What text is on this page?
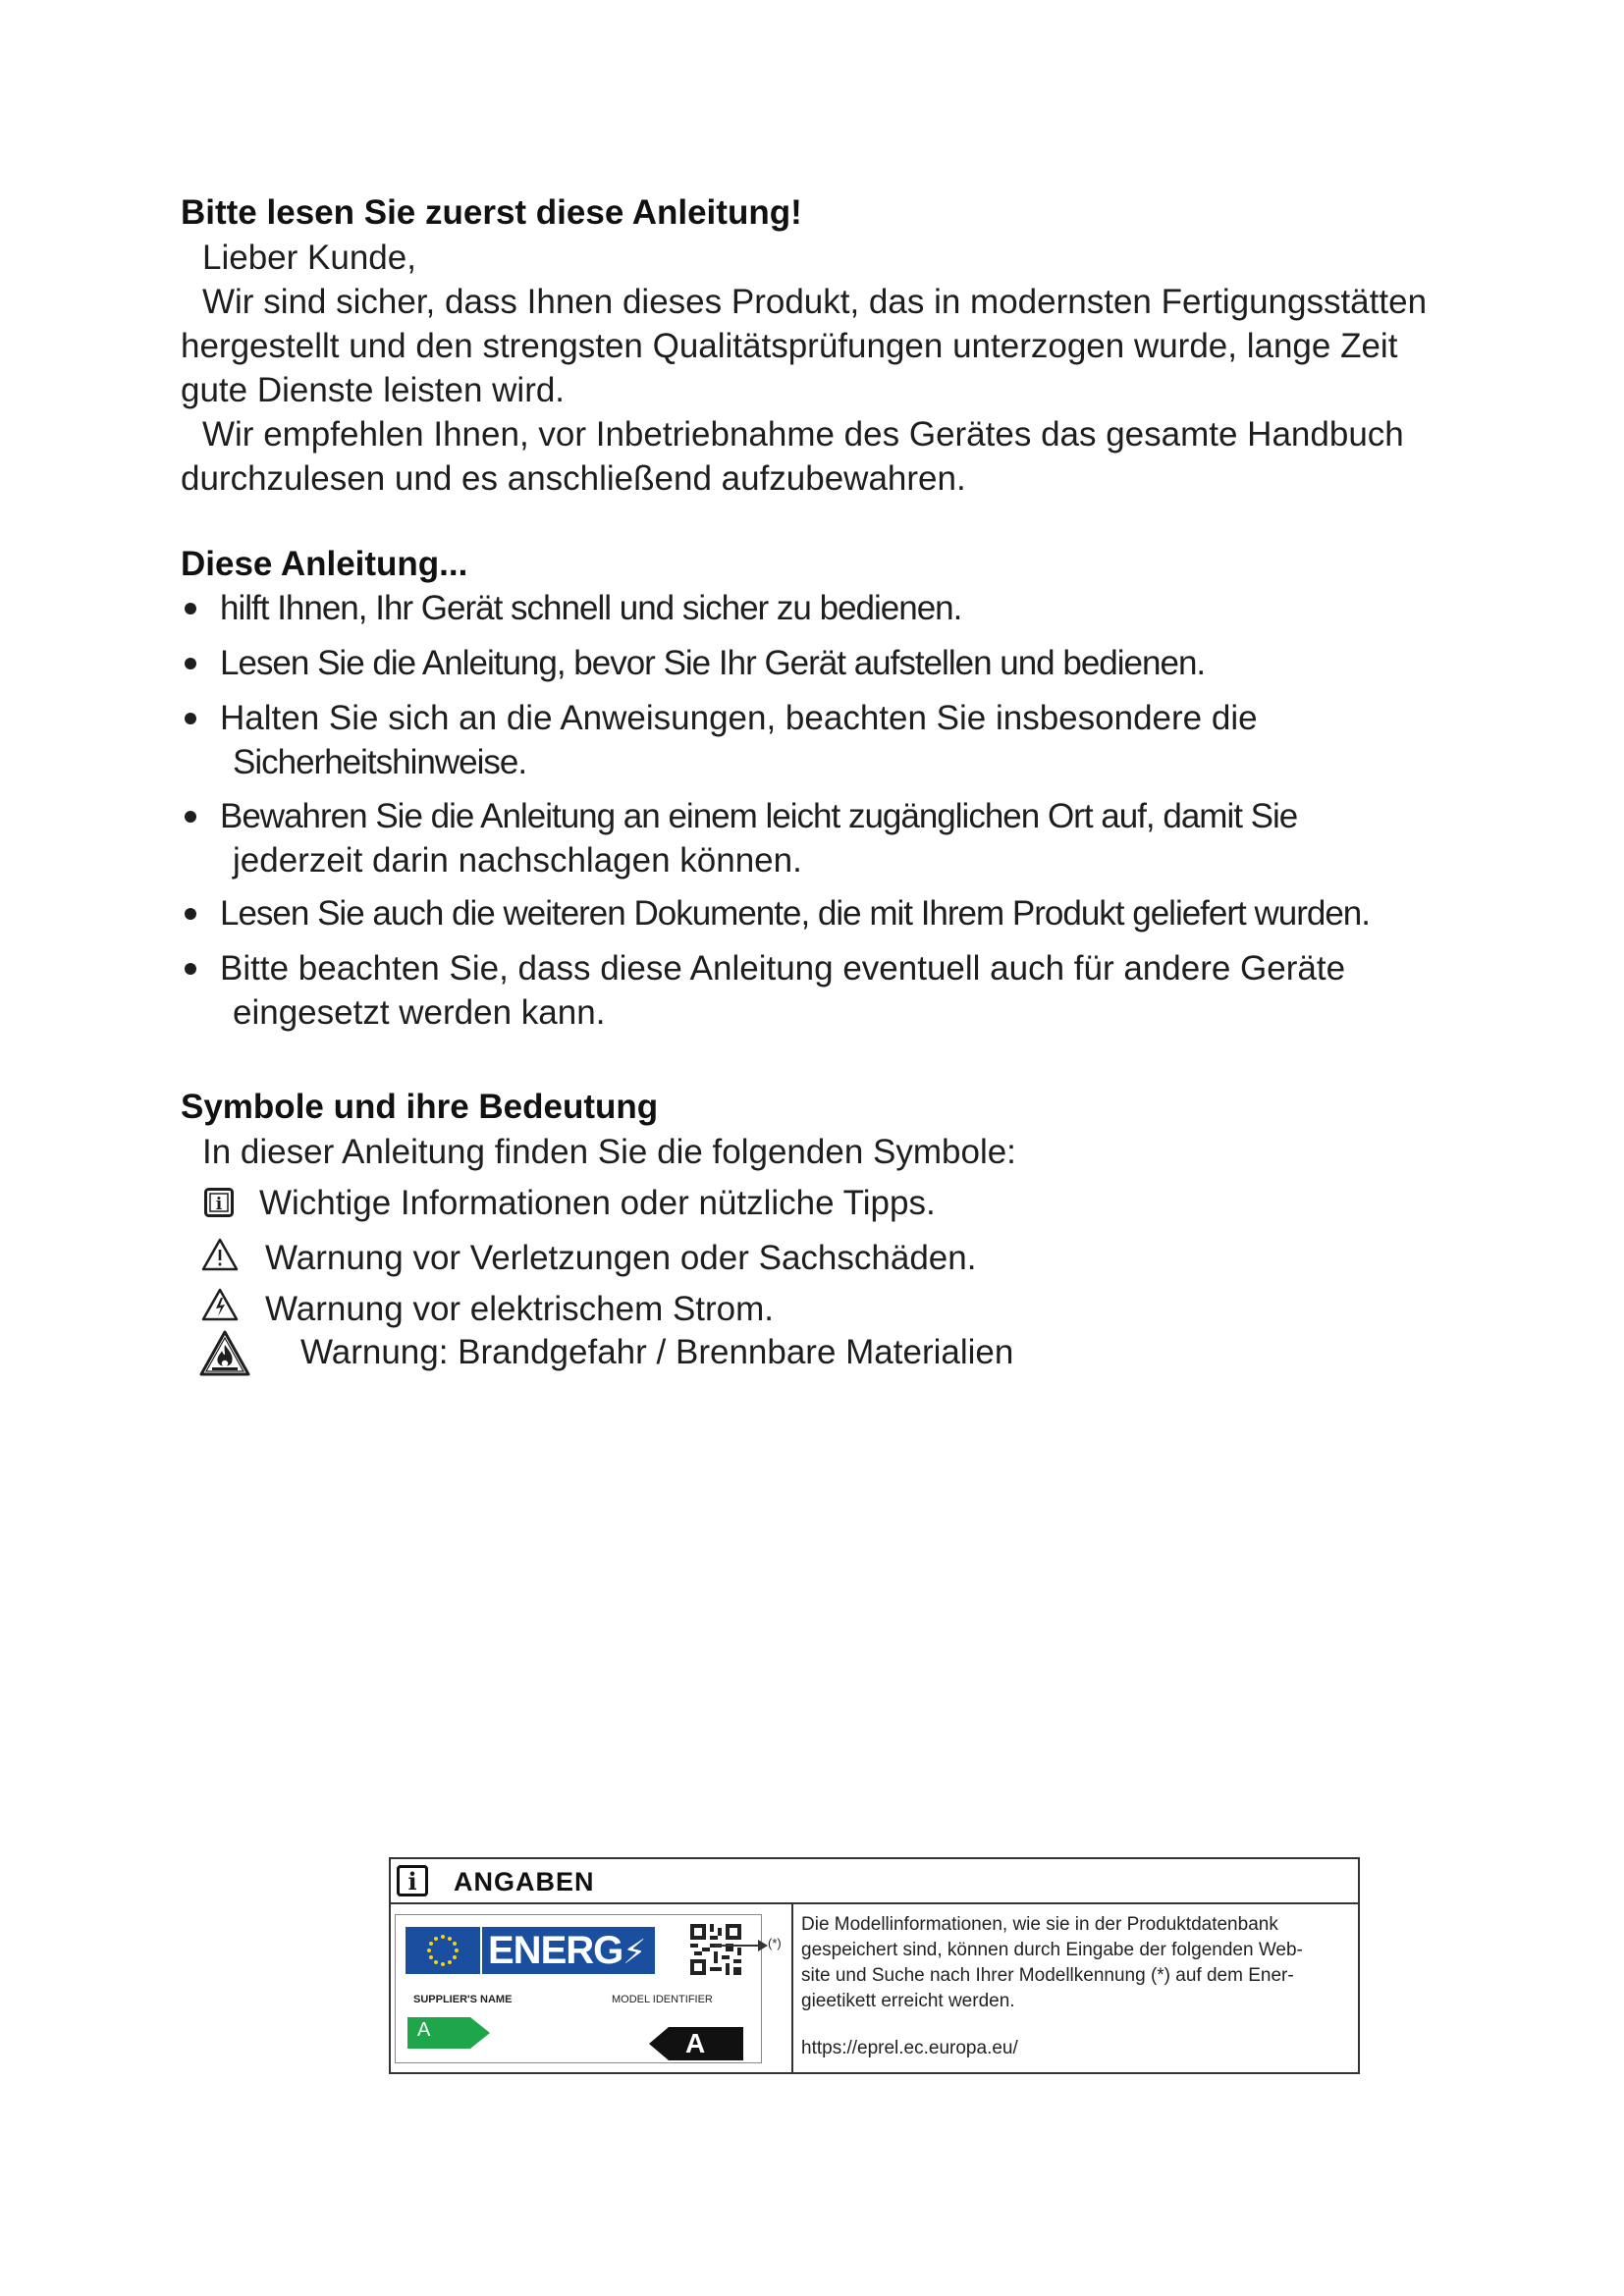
Bitte lesen Sie zuerst diese Anleitung!
Lieber Kunde,
Wir sind sicher, dass Ihnen dieses Produkt, das in modernsten Fertigungsstätten
hergestellt und den strengsten Qualitätsprüfungen unterzogen wurde, lange Zeit
gute Dienste leisten wird.
Wir empfehlen Ihnen, vor Inbetriebnahme des Gerätes das gesamte Handbuch
durchzulesen und es anschließend aufzubewahren.
Diese Anleitung...
hilft Ihnen, Ihr Gerät schnell und sicher zu bedienen.
Lesen Sie die Anleitung, bevor Sie Ihr Gerät aufstellen und bedienen.
Halten Sie sich an die Anweisungen, beachten Sie insbesondere die
Sicherheitshinweise.
Bewahren Sie die Anleitung an einem leicht zugänglichen Ort auf, damit Sie
jederzeit darin nachschlagen können.
Lesen Sie auch die weiteren Dokumente, die mit Ihrem Produkt geliefert wurden.
Bitte beachten Sie, dass diese Anleitung eventuell auch für andere Geräte
eingesetzt werden kann.
Symbole und ihre Bedeutung
In dieser Anleitung finden Sie die folgenden Symbole:
i Wichtige Informationen oder nützliche Tipps.
Warnung vor Verletzungen oder Sachschäden.
Warnung vor elektrischem Strom.
Warnung: Brandgefahr / Brennbare Materialien
i	ANGABEN
ENERG⚡
SUPPLIER'S NAME	MODEL IDENTIFIER
A	A
(*)
Die Modellinformationen, wie sie in der Produktdatenbank
gespeichert sind, können durch Eingabe der folgenden Web-
site und Suche nach Ihrer Modellkennung (*) auf dem Ener-
gieetikett erreicht werden.
https://eprel.ec.europa.eu/
